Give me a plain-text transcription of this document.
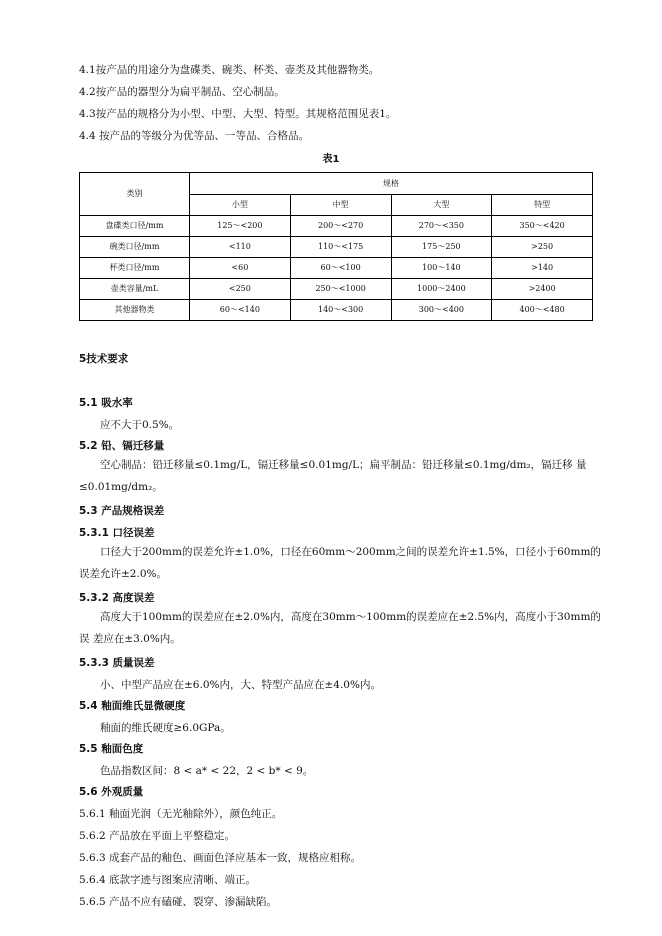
4.1按产品的用途分为盘碟类、碗类、杯类、壶类及其他器物类。
4.2按产品的器型分为扁平制品、空心制品。
4.3按产品的规格分为小型、中型、大型、特型。其规格范围见表1。
4.4 按产品的等级分为优等品、一等品、合格品。
表1
类别	规格			
	小型	中型	大型	特型
盘碟类口径/mm	125～<200	200～<270	270～<350	350～<420
碗类口径/mm	<110	110～<175	175～250	>250
杯类口径/mm	<60	60～<100	100～140	>140
壶类容量/mL	<250	250～<1000	1000～2400	>2400
其他器物类	60～<140	140～<300	300～<400	400～<480
5技术要求
5.1 吸水率
应不大于0.5%。
5.2 铅、镉迁移量
空心制品：铅迁移量≤0.1mg/L，镉迁移量≤0.01mg/L；扁平制品：铅迁移量≤0.1mg/dm₂，镉迁移 量≤0.01mg/dm₂。
5.3 产品规格误差
5.3.1 口径误差
口径大于200mm的误差允许±1.0%，口径在60mm～200mm之间的误差允许±1.5%，口径小于60mm的误差允许±2.0%。
5.3.2 高度误差
高度大于100mm的误差应在±2.0%内，高度在30mm～100mm的误差应在±2.5%内，高度小于30mm的误 差应在±3.0%内。
5.3.3 质量误差
小、中型产品应在±6.0%内，大、特型产品应在±4.0%内。
5.4 釉面维氏显微硬度
釉面的维氏硬度≥6.0GPa。
5.5 釉面色度
色品指数区间：8 < a* < 22，2 < b* < 9。
5.6 外观质量
5.6.1 釉面光润（无光釉除外），颜色纯正。
5.6.2 产品放在平面上平整稳定。
5.6.3 成套产品的釉色、画面色泽应基本一致，规格应相称。
5.6.4 底款字迹与图案应清晰、端正。
5.6.5 产品不应有磕碰、裂穿、渗漏缺陷。
